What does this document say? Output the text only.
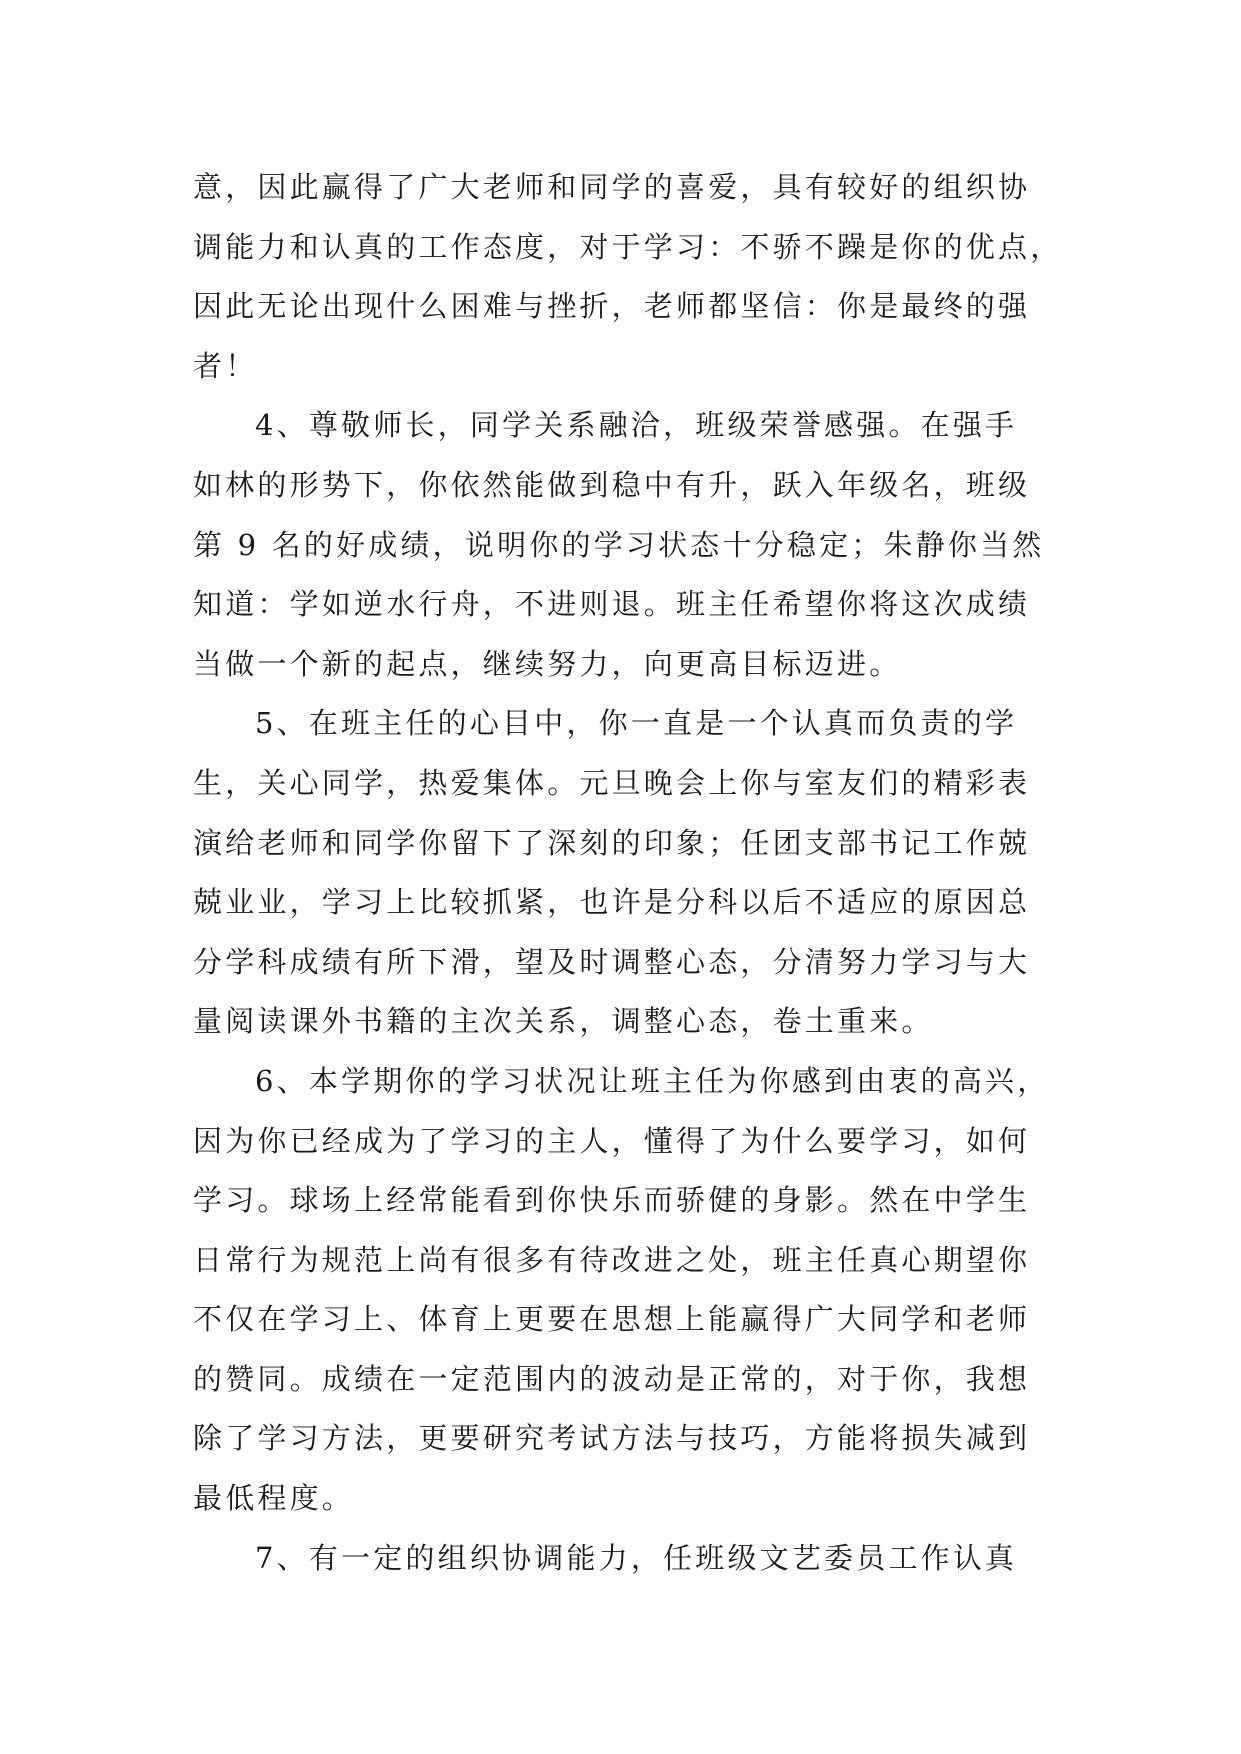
意，因此赢得了广大老师和同学的喜爱，具有较好的组织协
调能力和认真的工作态度，对于学习：不骄不躁是你的优点，
因此无论出现什么困难与挫折，老师都坚信：你是最终的强
者！
4、尊敬师长，同学关系融洽，班级荣誉感强。在强手
如林的形势下，你依然能做到稳中有升，跃入年级名，班级
第 9 名的好成绩，说明你的学习状态十分稳定；朱静你当然
知道：学如逆水行舟，不进则退。班主任希望你将这次成绩
当做一个新的起点，继续努力，向更高目标迈进。
5、在班主任的心目中，你一直是一个认真而负责的学
生，关心同学，热爱集体。元旦晚会上你与室友们的精彩表
演给老师和同学你留下了深刻的印象；任团支部书记工作兢
兢业业，学习上比较抓紧，也许是分科以后不适应的原因总
分学科成绩有所下滑，望及时调整心态，分清努力学习与大
量阅读课外书籍的主次关系，调整心态，卷土重来。
6、本学期你的学习状况让班主任为你感到由衷的高兴，
因为你已经成为了学习的主人，懂得了为什么要学习，如何
学习。球场上经常能看到你快乐而骄健的身影。然在中学生
日常行为规范上尚有很多有待改进之处，班主任真心期望你
不仅在学习上、体育上更要在思想上能赢得广大同学和老师
的赞同。成绩在一定范围内的波动是正常的，对于你，我想
除了学习方法，更要研究考试方法与技巧，方能将损失减到
最低程度。
7、有一定的组织协调能力，任班级文艺委员工作认真
